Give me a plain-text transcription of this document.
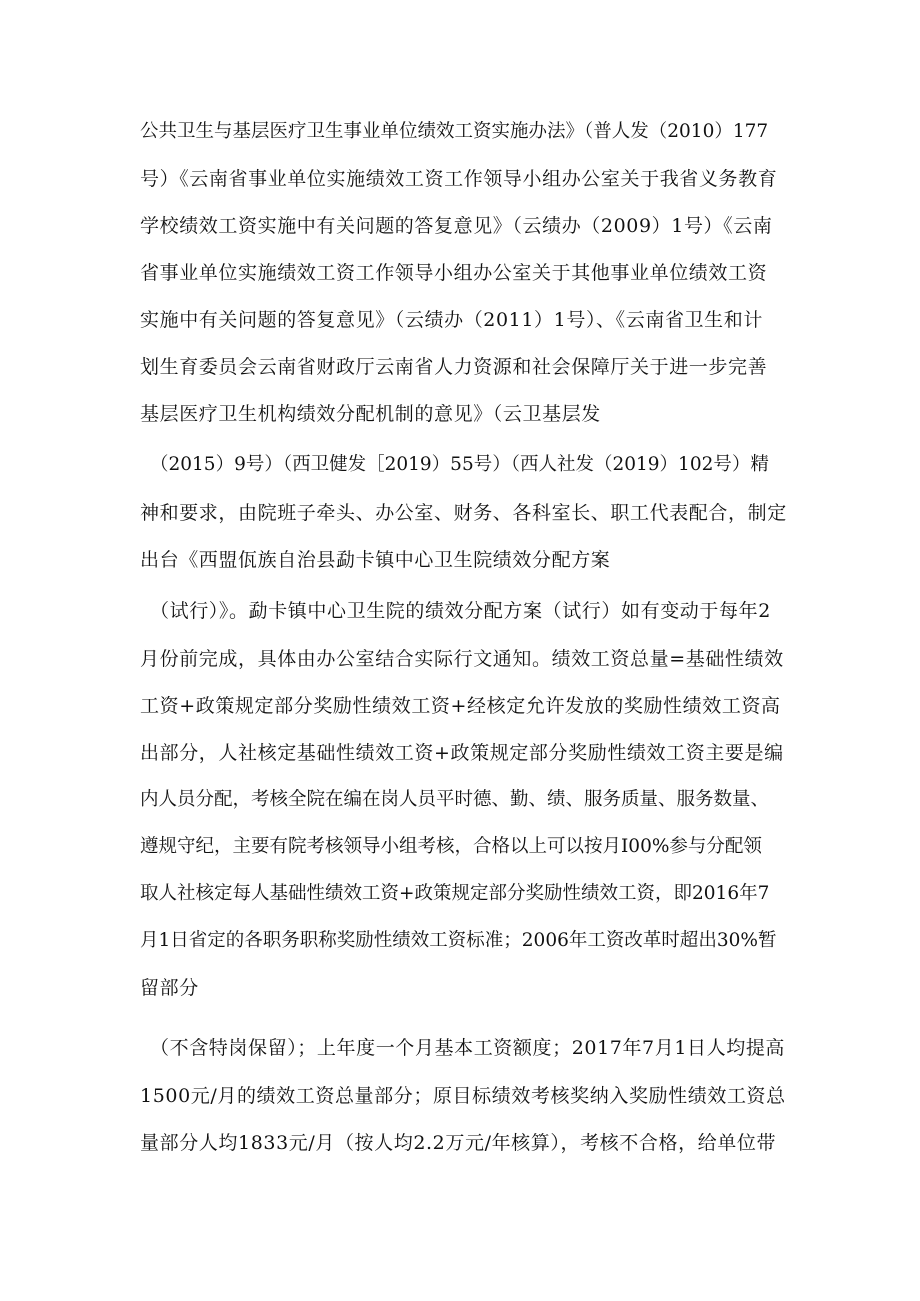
公共卫生与基层医疗卫生事业单位绩效工资实施办法》（普人发（2010）177
号）《云南省事业单位实施绩效工资工作领导小组办公室关于我省义务教育
学校绩效工资实施中有关问题的答复意见》（云绩办（2009）1号）《云南
省事业单位实施绩效工资工作领导小组办公室关于其他事业单位绩效工资
实施中有关问题的答复意见》（云绩办（2011）1号）、《云南省卫生和计
划生育委员会云南省财政厅云南省人力资源和社会保障厅关于进一步完善
基层医疗卫生机构绩效分配机制的意见》（云卫基层发
（2015）9号）（西卫健发［2019）55号）（西人社发（2019）102号）精
神和要求，由院班子牵头、办公室、财务、各科室长、职工代表配合，制定
出台《西盟佤族自治县勐卡镇中心卫生院绩效分配方案
（试行）》。勐卡镇中心卫生院的绩效分配方案（试行）如有变动于每年2
月份前完成，具体由办公室结合实际行文通知。绩效工资总量=基础性绩效
工资+政策规定部分奖励性绩效工资+经核定允许发放的奖励性绩效工资高
出部分，人社核定基础性绩效工资+政策规定部分奖励性绩效工资主要是编
内人员分配，考核全院在编在岗人员平时德、勤、绩、服务质量、服务数量、
遵规守纪，主要有院考核领导小组考核，合格以上可以按月I00%参与分配领
取人社核定每人基础性绩效工资+政策规定部分奖励性绩效工资，即2016年7
月1日省定的各职务职称奖励性绩效工资标准；2006年工资改革时超出30%暂
留部分
（不含特岗保留）；上年度一个月基本工资额度；2017年7月1日人均提高
1500元/月的绩效工资总量部分；原目标绩效考核奖纳入奖励性绩效工资总
量部分人均1833元/月（按人均2.2万元/年核算），考核不合格，给单位带
